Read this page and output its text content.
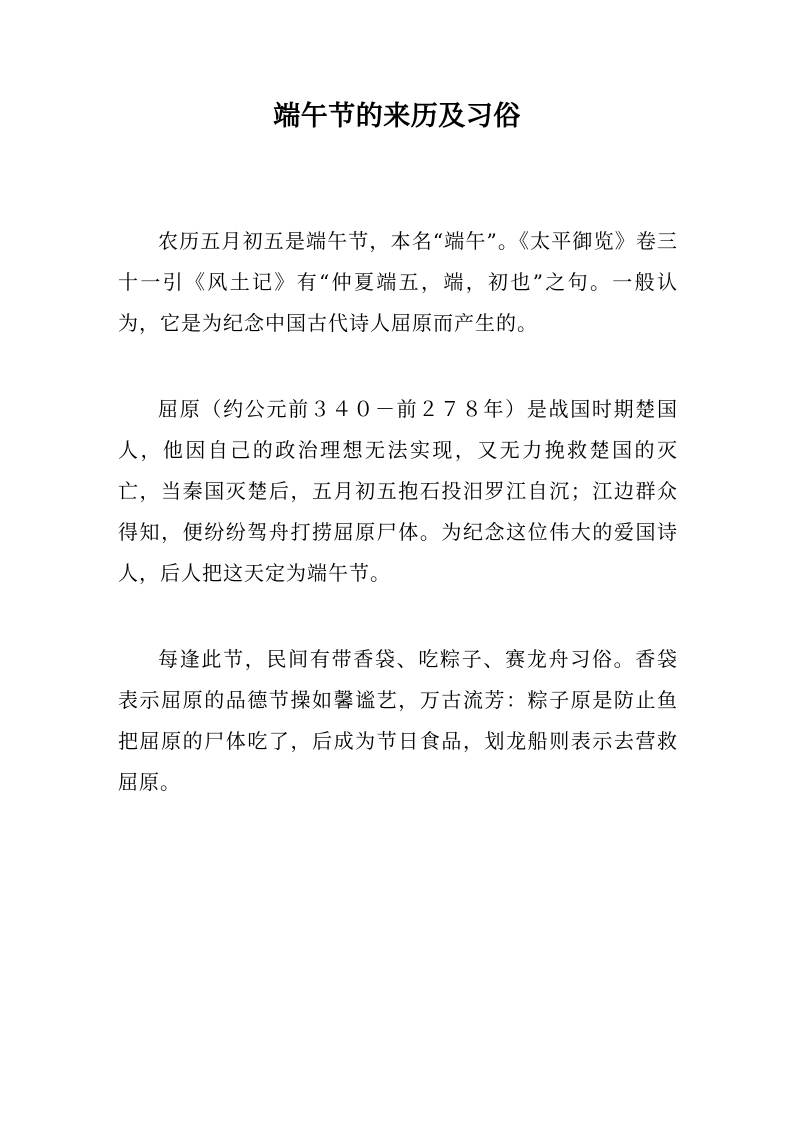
端午节的来历及习俗

农历五月初五是端午节，本名“端午”。《太平御览》卷三十一引《风土记》有“仲夏端五，端，初也”之句。一般认为，它是为纪念中国古代诗人屈原而产生的。

屈原（约公元前３４０－前２７８年）是战国时期楚国人，他因自己的政治理想无法实现，又无力挽救楚国的灭亡，当秦国灭楚后，五月初五抱石投汨罗江自沉；江边群众得知，便纷纷驾舟打捞屈原尸体。为纪念这位伟大的爱国诗人，后人把这天定为端午节。

每逢此节，民间有带香袋、吃粽子、赛龙舟习俗。香袋表示屈原的品德节操如馨谧艺，万古流芳：粽子原是防止鱼把屈原的尸体吃了，后成为节日食品，划龙船则表示去营救屈原。
